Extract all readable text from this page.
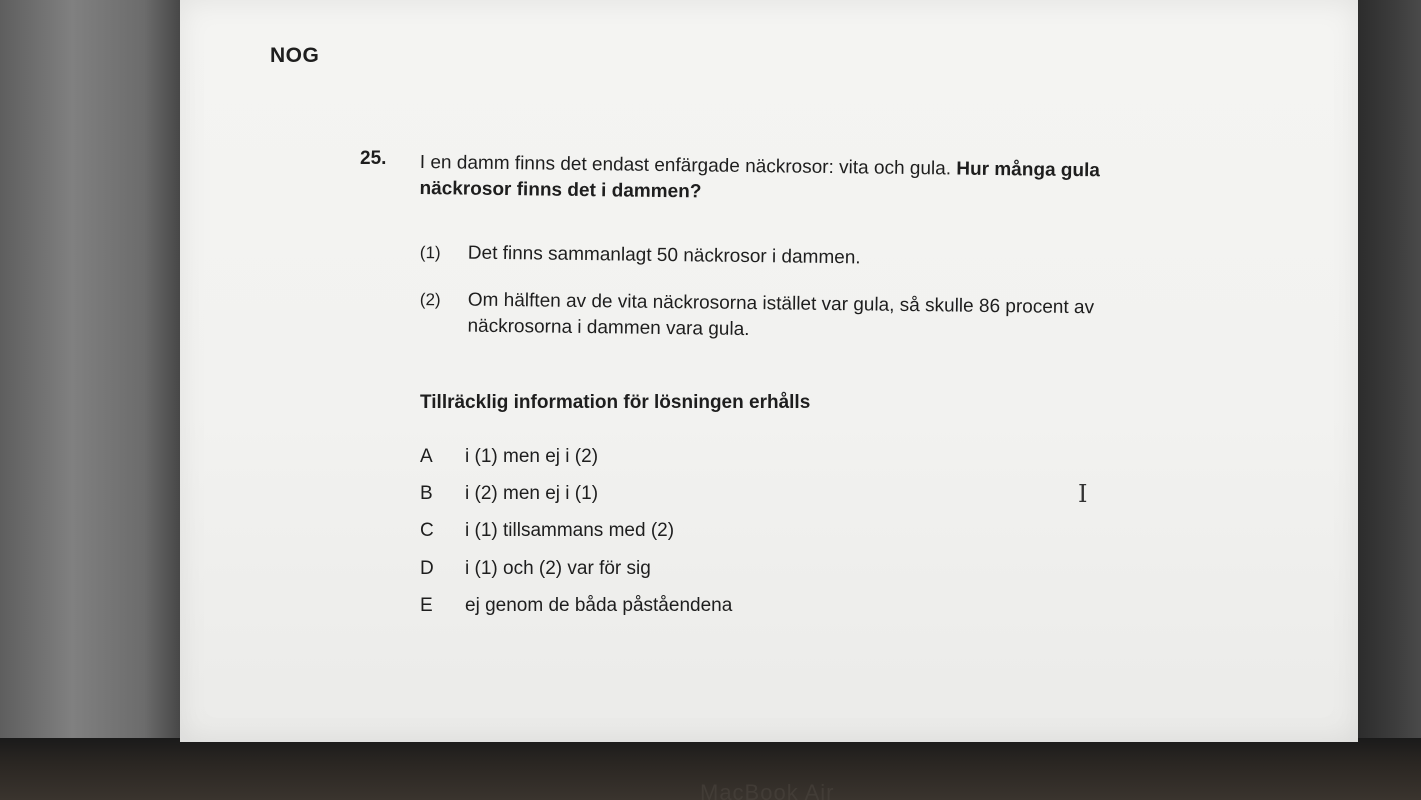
MacBook Air
NOG
25. I en damm finns det endast enfärgade näckrosor: vita och gula. Hur många gula näckrosor finns det i dammen?
(1) Det finns sammanlagt 50 näckrosor i dammen.
(2) Om hälften av de vita näckrosorna istället var gula, så skulle 86 procent av näckrosorna i dammen vara gula.
Tillräcklig information för lösningen erhålls
A	i (1) men ej i (2)
B	i (2) men ej i (1)
C	i (1) tillsammans med (2)
D	i (1) och (2) var för sig
E	ej genom de båda påståendena
I
